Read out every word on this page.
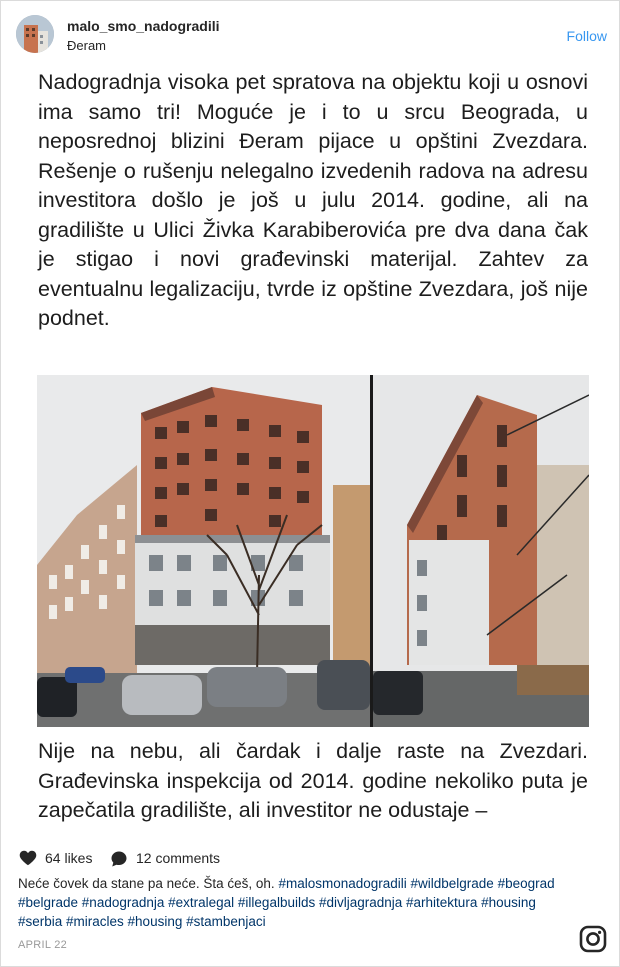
malo_smo_nadogradili
Đeram
Follow
Nadogradnja visoka pet spratova na objektu koji u osnovi ima samo tri! Moguće je i to u srcu Beograda, u neposrednoj blizini Đeram pijace u opštini Zvezdara. Rešenje o rušenju nelegalno izvedenih radova na adresu investitora došlo je još u julu 2014. godine, ali na gradilište u Ulici Živka Karabiberovića pre dva dana čak je stigao i novi građevinski materijal. Zahtev za eventualnu legalizaciju, tvrde iz opštine Zvezdara, još nije podnet.
Nije na nebu, ali čardak i dalje raste na Zvezdari. Građevinska inspekcija od 2014. godine nekoliko puta je zapečatila gradilište, ali investitor ne odustaje –
64 likes	12 comments
Neće čovek da stane pa neće. Šta ćeš, oh. #malosmonadogradili #wildbelgrade #beograd #belgrade #nadogradnja #extralegal #illegalbuilds #divljagradnja #arhitektura #housing #serbia #miracles #housing #stambenjaci
APRIL 22
